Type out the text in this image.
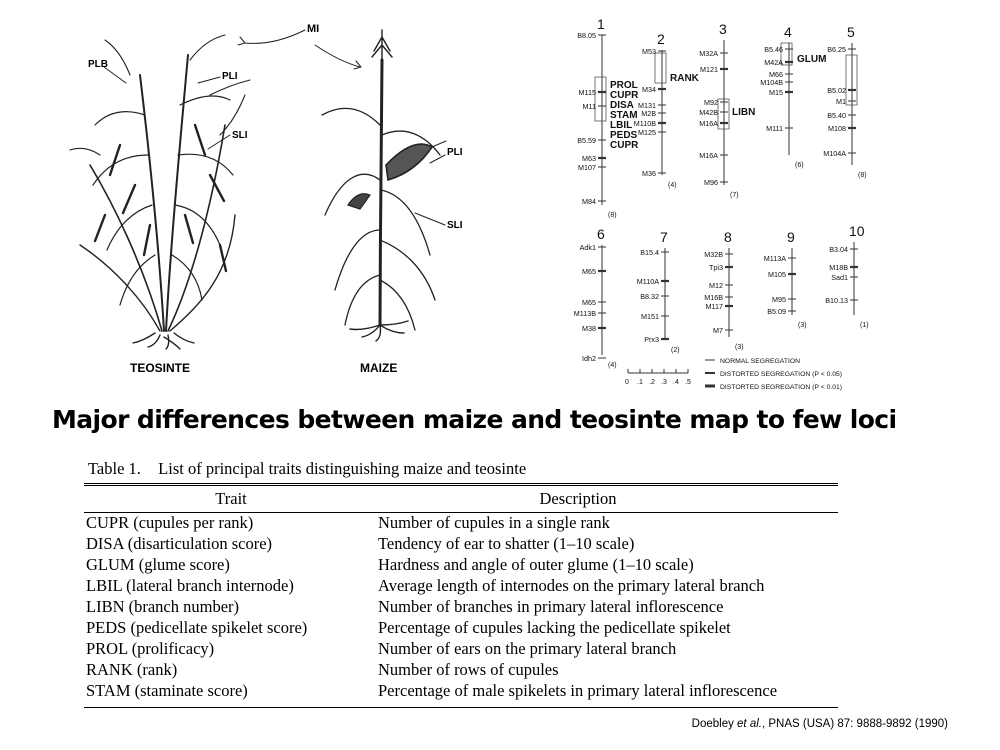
MI
PLB
PLI
SLI
PLI
SLI
TEOSINTE	MAIZE
1
B8.05
M115
M11
B5.59
M63
M107
M84
PROL
CUPR
DISA
STAM
LBIL
PEDS
CUPR
(8)
2
M53
M34
M131
M2B
M110B
M125
M36
RANK
(4)
3
M32A
M121
M92
M42B
M16A
M16A
M96
LIBN
(7)
4
B5.46
M42A
M66
M104B
M15
M111
GLUM
(6)
5
B6.25
B5.02
M1
B5.40
M108
M104A
(8)
6
Adk1
M65
M65
M113B
M38
Idh2
(4)
7
B15.4
M110A
B8.32
M151
Prx3
(2)
8
M32B
Tpi3
M12
M16B
M117
M7
(3)
9
M113A
M105
M95
B5.09
(3)
10
B3.04
M18B
Sad1
B10.13
(1)
0 .1 .2 .3 .4 .5
NORMAL SEGREGATION
DISTORTED SEGREGATION (P < 0.05)
DISTORTED SEGREGATION (P < 0.01)
Major differences between maize and teosinte map to few loci
Table 1. List of principal traits distinguishing maize and teosinte
Trait	Description
CUPR (cupules per rank)	Number of cupules in a single rank
DISA (disarticulation score)	Tendency of ear to shatter (1–10 scale)
GLUM (glume score)	Hardness and angle of outer glume (1–10 scale)
LBIL (lateral branch internode)	Average length of internodes on the primary lateral branch
LIBN (branch number)	Number of branches in primary lateral inflorescence
PEDS (pedicellate spikelet score)	Percentage of cupules lacking the pedicellate spikelet
PROL (prolificacy)	Number of ears on the primary lateral branch
RANK (rank)	Number of rows of cupules
STAM (staminate score)	Percentage of male spikelets in primary lateral inflorescence
Doebley et al., PNAS (USA) 87: 9888-9892 (1990)
